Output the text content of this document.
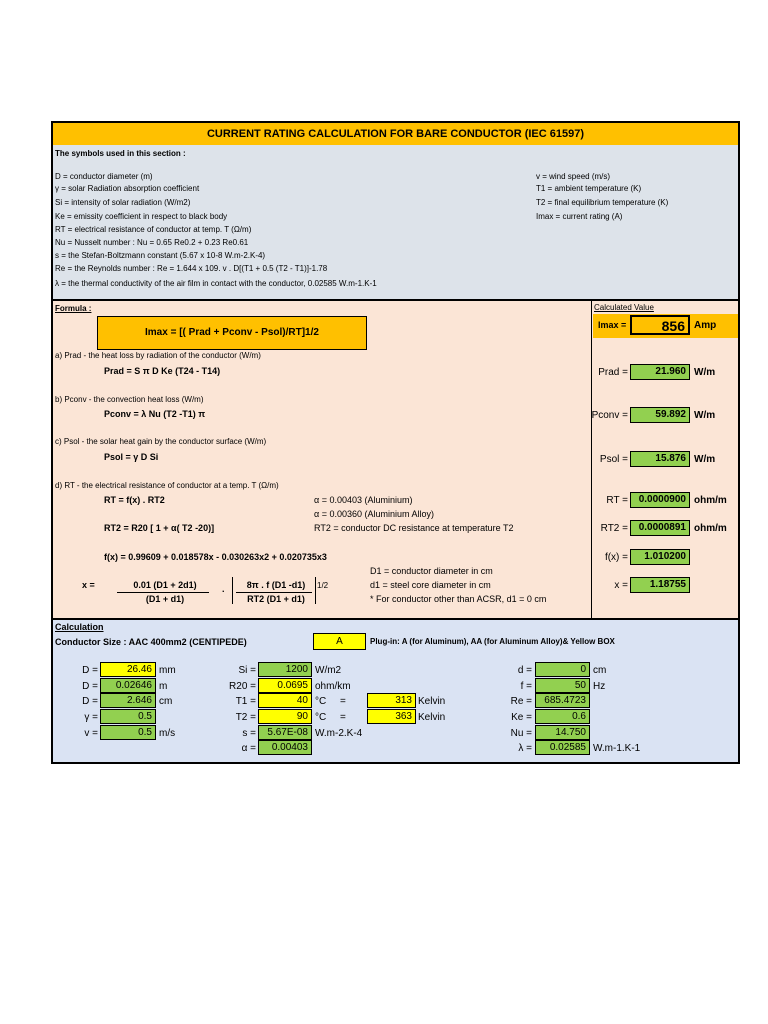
CURRENT RATING CALCULATION FOR BARE CONDUCTOR (IEC 61597)
The symbols used in this section :
D = conductor diameter (m)
γ = solar Radiation absorption coefficient
Si = intensity of solar radiation (W/m2)
Ke = emissity coefficient in respect to black body
RT = electrical resistance of conductor at temp. T (Ω/m)
Nu = Nusselt number : Nu = 0.65 Re0.2 + 0.23 Re0.61
s = the Stefan-Boltzmann constant (5.67 x 10-8 W.m-2.K-4)
Re = the Reynolds number : Re = 1.644 x 109. v . D[(T1 + 0.5 (T2 - T1)]-1.78
λ = the thermal conductivity of the air film in contact with the conductor, 0.02585 W.m-1.K-1
v = wind speed (m/s)
T1 = ambient temperature (K)
T2 = final equilibrium temperature (K)
Imax = current rating (A)
Formula :
Imax = [( Prad + Pconv - Psol)/RT]1/2
a) Prad - the heat loss by radiation of the conductor (W/m)
Prad = S π D Ke (T24 - T14)
b) Pconv - the convection heat loss (W/m)
Pconv = λ Nu (T2 -T1) π
c) Psol - the solar heat gain by the conductor surface (W/m)
Psol = γ D Si
d) RT - the electrical resistance of conductor at a temp. T (Ω/m)
RT = f(x) . RT2	α = 0.00403 (Aluminium)
α = 0.00360 (Aluminium Alloy)
RT2 = R20 [ 1 + α( T2 -20)]	RT2 = conductor DC resistance at temperature T2
f(x) = 0.99609 + 0.018578x - 0.030263x2 + 0.020735x3
x =	0.01 (D1 + 2d1)
(D1 + d1)
.	8π . f (D1 -d1)
RT2 (D1 + d1)
1/2
D1 = conductor diameter in cm
d1 = steel core diameter in cm
* For conductor other than ACSR, d1 = 0 cm
Calculated Value
Imax =	856 Amp
Prad =	21.960 W/m
Pconv =	59.892 W/m
Psol =	15.876 W/m
RT =	0.0000900 ohm/m
RT2 =	0.0000891 ohm/m
f(x) =	1.010200
x =	1.18755
Calculation
Conductor Size : AAC 400mm2 (CENTIPEDE)	A	Plug-in: A (for Aluminum), AA (for Aluminum Alloy)& Yellow BOX
D =	26.46 mm
D =	0.02646 m
D =	2.646 cm
γ =	0.5
v =	0.5 m/s
Si =	1200 W/m2
R20 =	0.0695 ohm/km
T1 =	40 °C =	313 Kelvin
T2 =	90 °C =	363 Kelvin
s =	5.67E-08 W.m-2.K-4
α =	0.00403
d =	0 cm
f =	50 Hz
Re =	685.4723
Ke =	0.6
Nu =	14.750
λ =	0.02585 W.m-1.K-1
